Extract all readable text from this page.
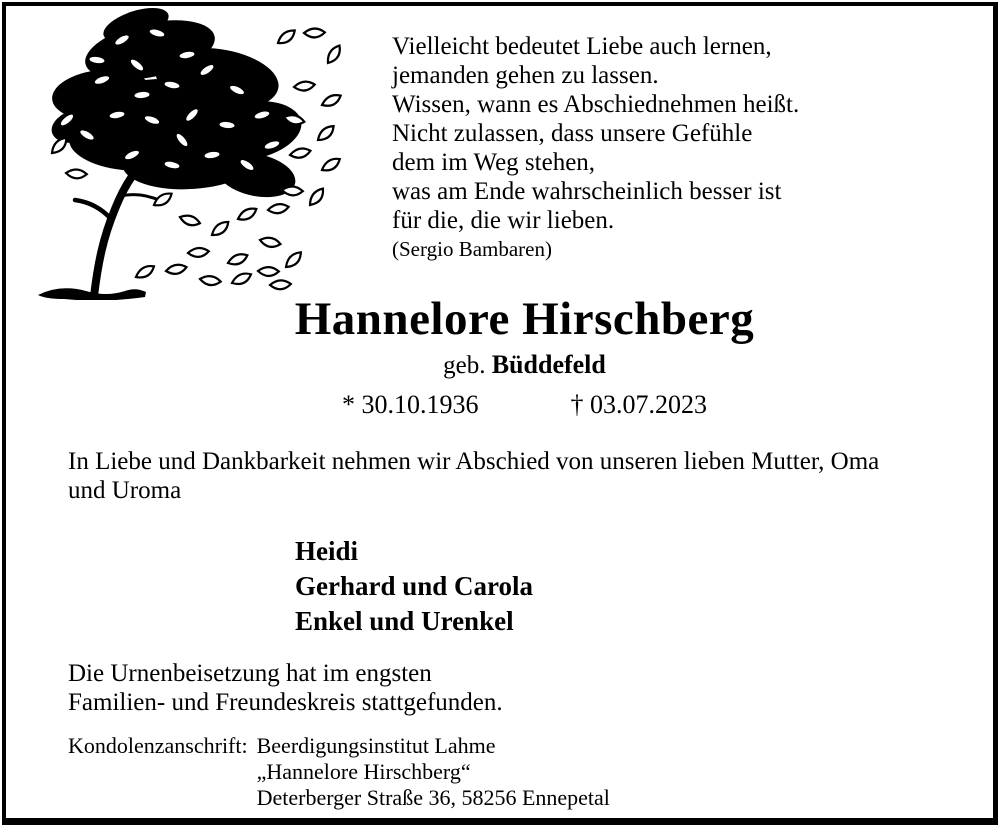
Vielleicht bedeutet Liebe auch lernen,
jemanden gehen zu lassen.
Wissen, wann es Abschiednehmen heißt.
Nicht zulassen, dass unsere Gefühle
dem im Weg stehen,
was am Ende wahrscheinlich besser ist
für die, die wir lieben.
(Sergio Bambaren)
Hannelore Hirschberg
geb. Büddefeld
* 30.10.1936	† 03.07.2023
In Liebe und Dankbarkeit nehmen wir Abschied von unseren lieben Mutter, Oma
und Uroma
Heidi
Gerhard und Carola
Enkel und Urenkel
Die Urnenbeisetzung hat im engsten
Familien- und Freundeskreis stattgefunden.
Kondolenzanschrift: Beerdigungsinstitut Lahme
„Hannelore Hirschberg“
Deterberger Straße 36, 58256 Ennepetal
